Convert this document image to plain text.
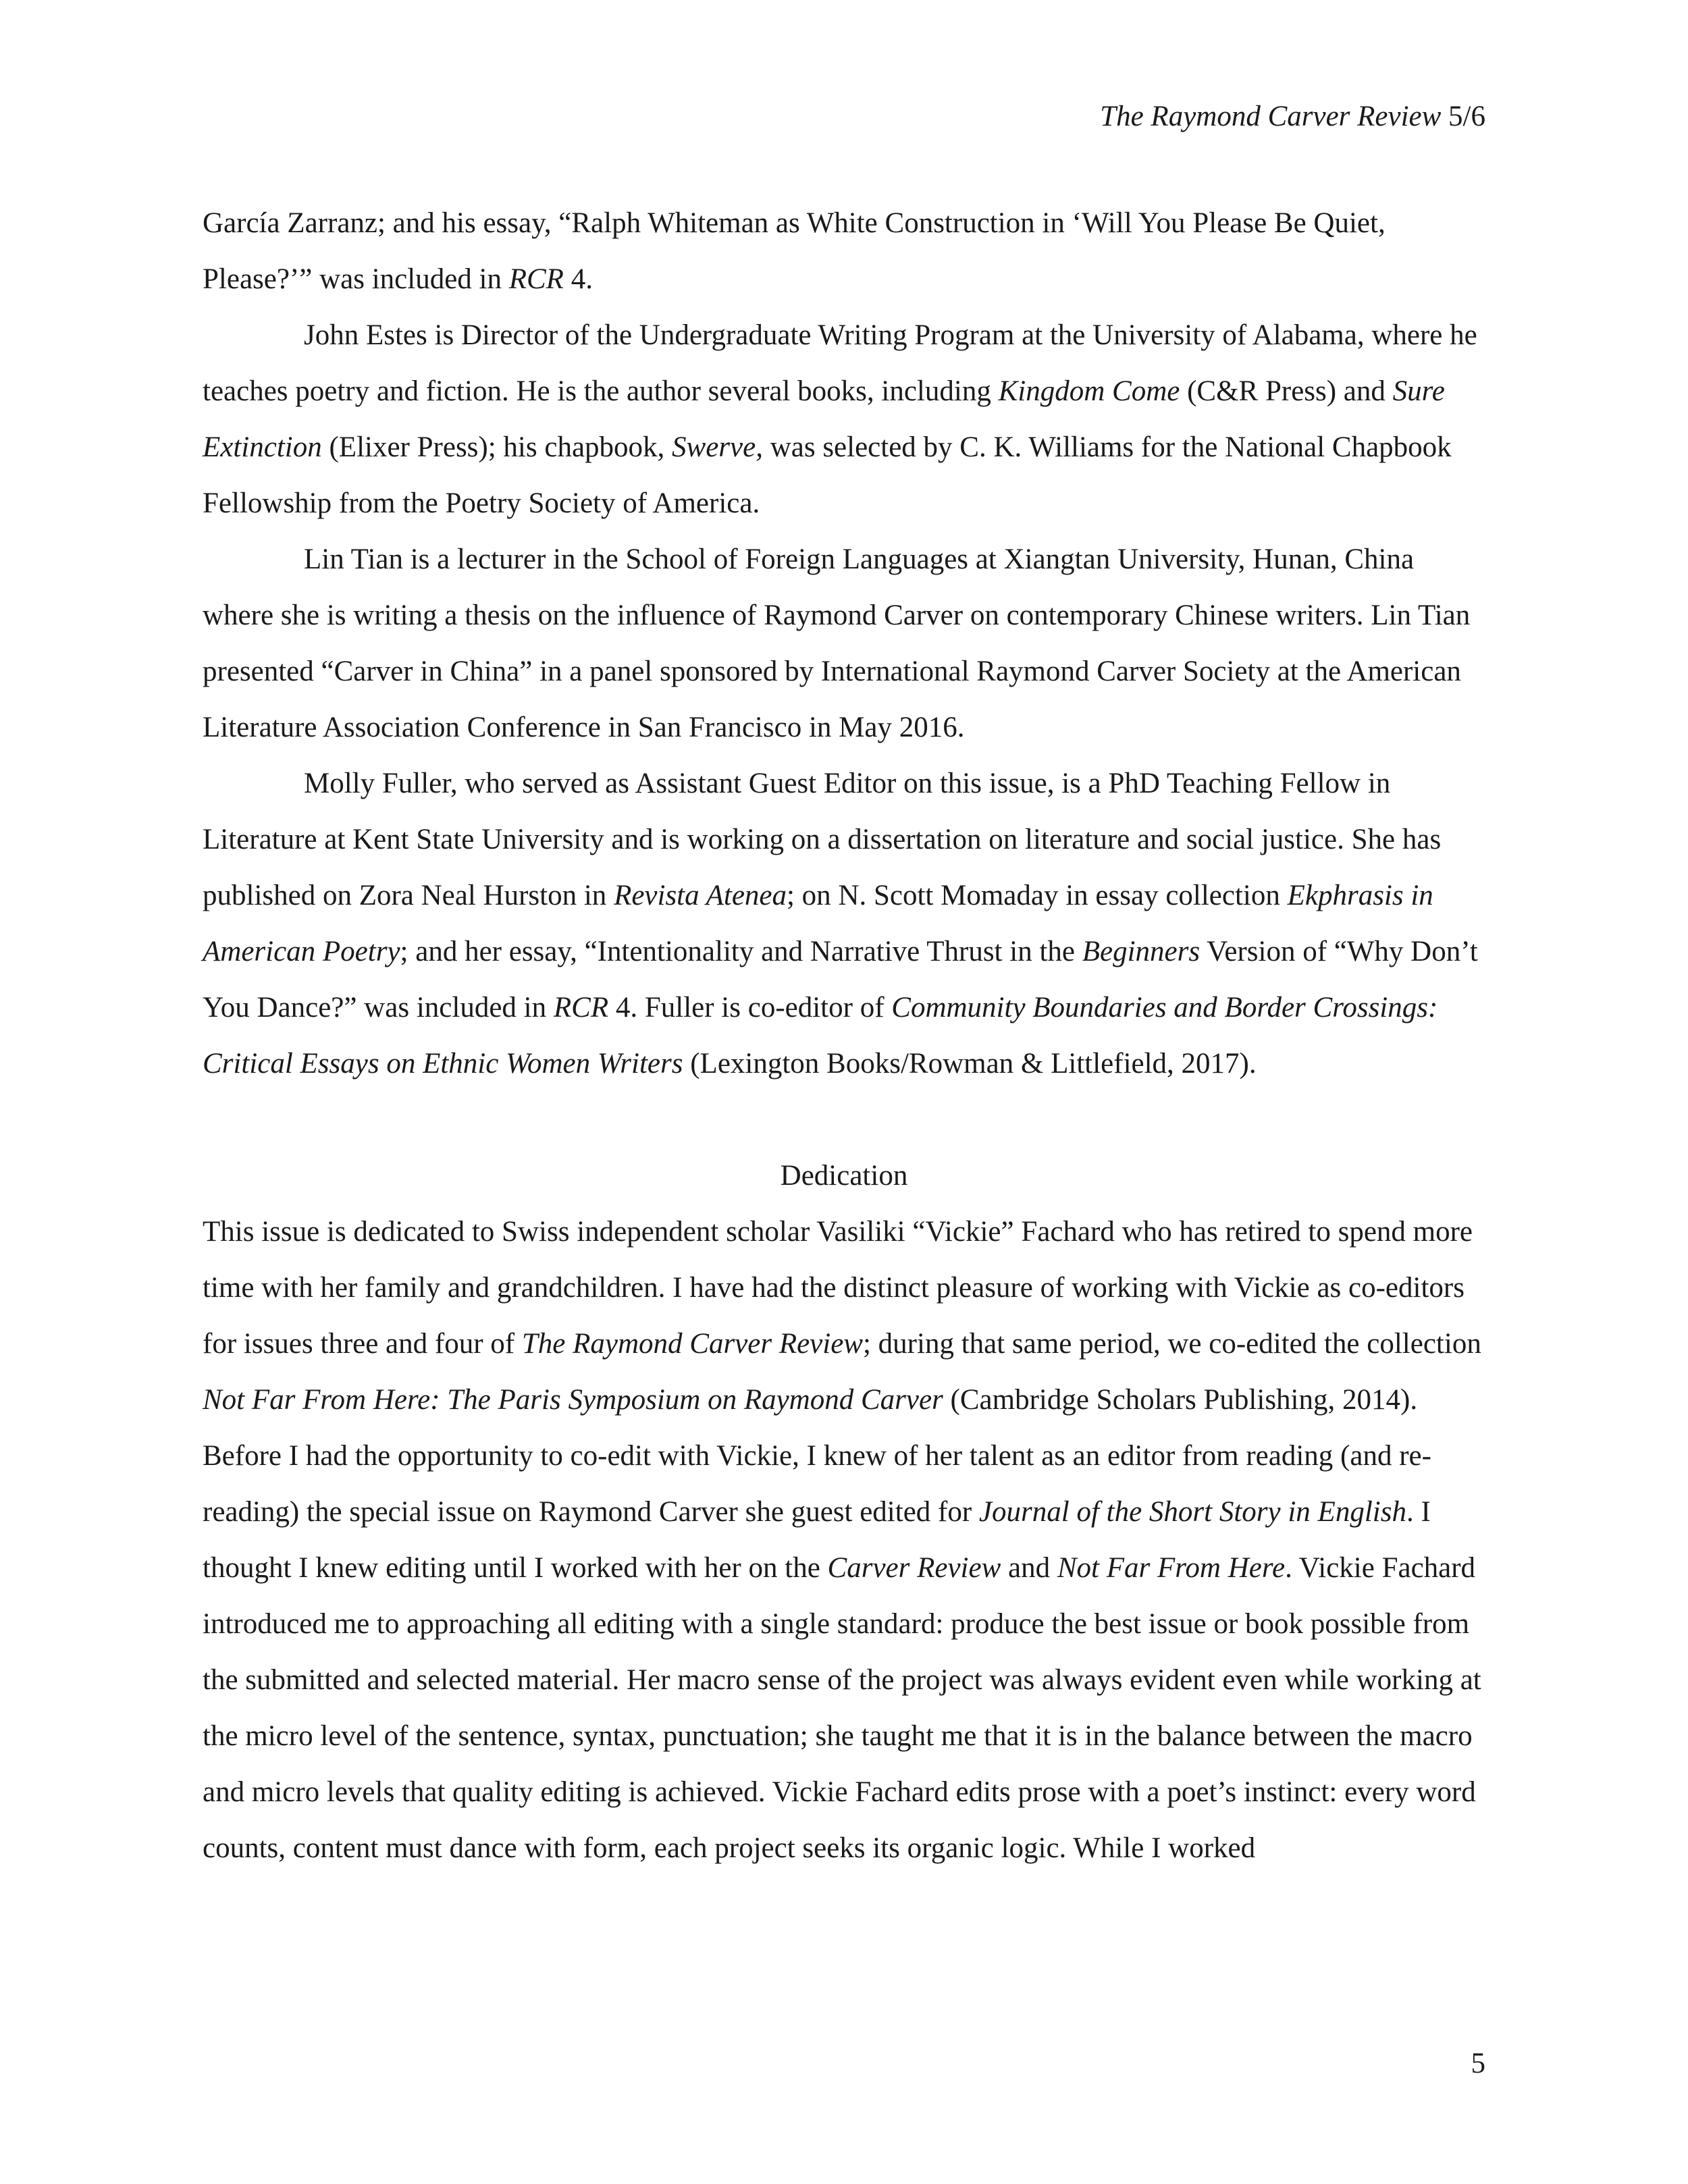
The Raymond Carver Review 5/6

García Zarranz; and his essay, “Ralph Whiteman as White Construction in ‘Will You Please Be Quiet, Please?’” was included in RCR 4.

John Estes is Director of the Undergraduate Writing Program at the University of Alabama, where he teaches poetry and fiction. He is the author several books, including Kingdom Come (C&R Press) and Sure Extinction (Elixer Press); his chapbook, Swerve, was selected by C. K. Williams for the National Chapbook Fellowship from the Poetry Society of America.

Lin Tian is a lecturer in the School of Foreign Languages at Xiangtan University, Hunan, China where she is writing a thesis on the influence of Raymond Carver on contemporary Chinese writers. Lin Tian presented “Carver in China” in a panel sponsored by International Raymond Carver Society at the American Literature Association Conference in San Francisco in May 2016.

Molly Fuller, who served as Assistant Guest Editor on this issue, is a PhD Teaching Fellow in Literature at Kent State University and is working on a dissertation on literature and social justice. She has published on Zora Neal Hurston in Revista Atenea; on N. Scott Momaday in essay collection Ekphrasis in American Poetry; and her essay, “Intentionality and Narrative Thrust in the Beginners Version of “Why Don’t You Dance?” was included in RCR 4. Fuller is co-editor of Community Boundaries and Border Crossings: Critical Essays on Ethnic Women Writers (Lexington Books/Rowman & Littlefield, 2017).

Dedication

This issue is dedicated to Swiss independent scholar Vasiliki “Vickie” Fachard who has retired to spend more time with her family and grandchildren. I have had the distinct pleasure of working with Vickie as co-editors for issues three and four of The Raymond Carver Review; during that same period, we co-edited the collection Not Far From Here: The Paris Symposium on Raymond Carver (Cambridge Scholars Publishing, 2014). Before I had the opportunity to co-edit with Vickie, I knew of her talent as an editor from reading (and re-reading) the special issue on Raymond Carver she guest edited for Journal of the Short Story in English. I thought I knew editing until I worked with her on the Carver Review and Not Far From Here. Vickie Fachard introduced me to approaching all editing with a single standard: produce the best issue or book possible from the submitted and selected material. Her macro sense of the project was always evident even while working at the micro level of the sentence, syntax, punctuation; she taught me that it is in the balance between the macro and micro levels that quality editing is achieved. Vickie Fachard edits prose with a poet’s instinct: every word counts, content must dance with form, each project seeks its organic logic. While I worked

5
